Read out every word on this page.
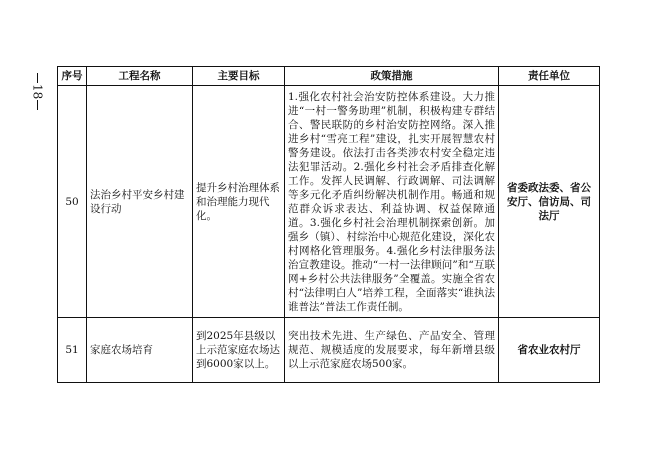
18
序号	工程名称	主要目标	政策措施	责任单位
50	法治乡村平安乡村建设行动	提升乡村治理体系和治理能力现代化。	1.强化农村社会治安防控体系建设。大力推进“一村一警务助理”机制，积极构建专群结合、警民联防的乡村治安防控网络。深入推进乡村“雪亮工程”建设，扎实开展智慧农村警务建设。依法打击各类涉农村安全稳定违法犯罪活动。2.强化乡村社会矛盾排查化解工作。发挥人民调解、行政调解、司法调解等多元化矛盾纠纷解决机制作用。畅通和规范群众诉求表达、利益协调、权益保障通道。3.强化乡村社会治理机制探索创新。加强乡（镇）、村综治中心规范化建设，深化农村网格化管理服务。4.强化乡村法律服务法治宣教建设。推动“一村一法律顾问”和“互联网+乡村公共法律服务”全覆盖。实施全省农村“法律明白人”培养工程，全面落实“谁执法谁普法”普法工作责任制。	省委政法委、省公安厅、信访局、司法厅
51	家庭农场培育	到2025年县级以上示范家庭农场达到6000家以上。	突出技术先进、生产绿色、产品安全、管理规范、规模适度的发展要求，每年新增县级以上示范家庭农场500家。	省农业农村厅
